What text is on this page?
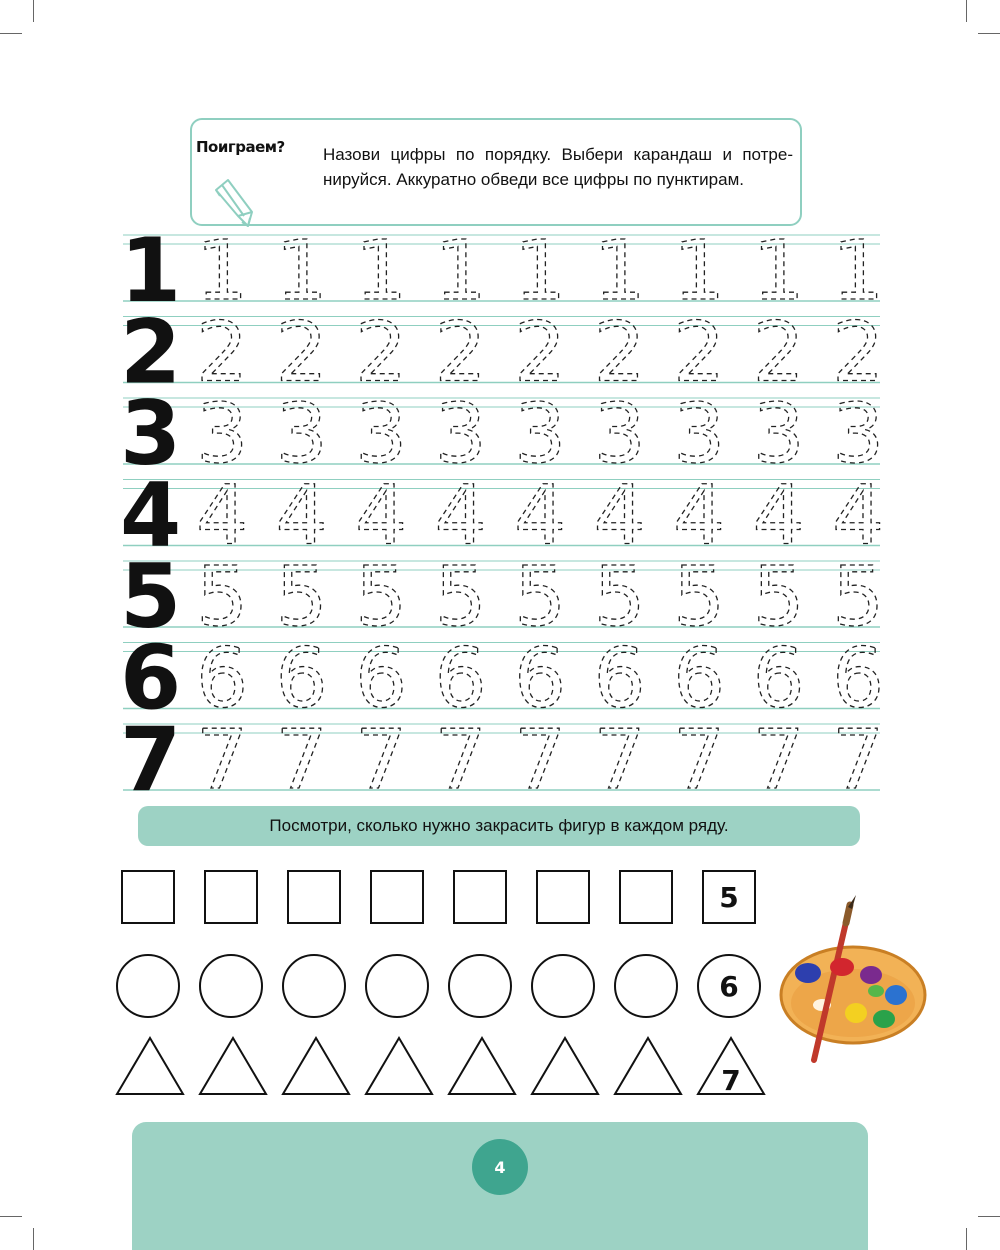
Поиграем? Назови цифры по порядку. Выбери карандаш и потре-нируйся. Аккуратно обведи все цифры по пунктирам.
1 1 1 1 1 1 1 1 1 1
2 2 2 2 2 2 2 2 2 2
3 3 3 3 3 3 3 3 3 3
4 4 4 4 4 4 4 4 4 4
5 5 5 5 5 5 5 5 5 5
6 6 6 6 6 6 6 6 6 6
7 7 7 7 7 7 7 7 7 7
Посмотри, сколько нужно закрасить фигур в каждом ряду.
5
6
7
4
